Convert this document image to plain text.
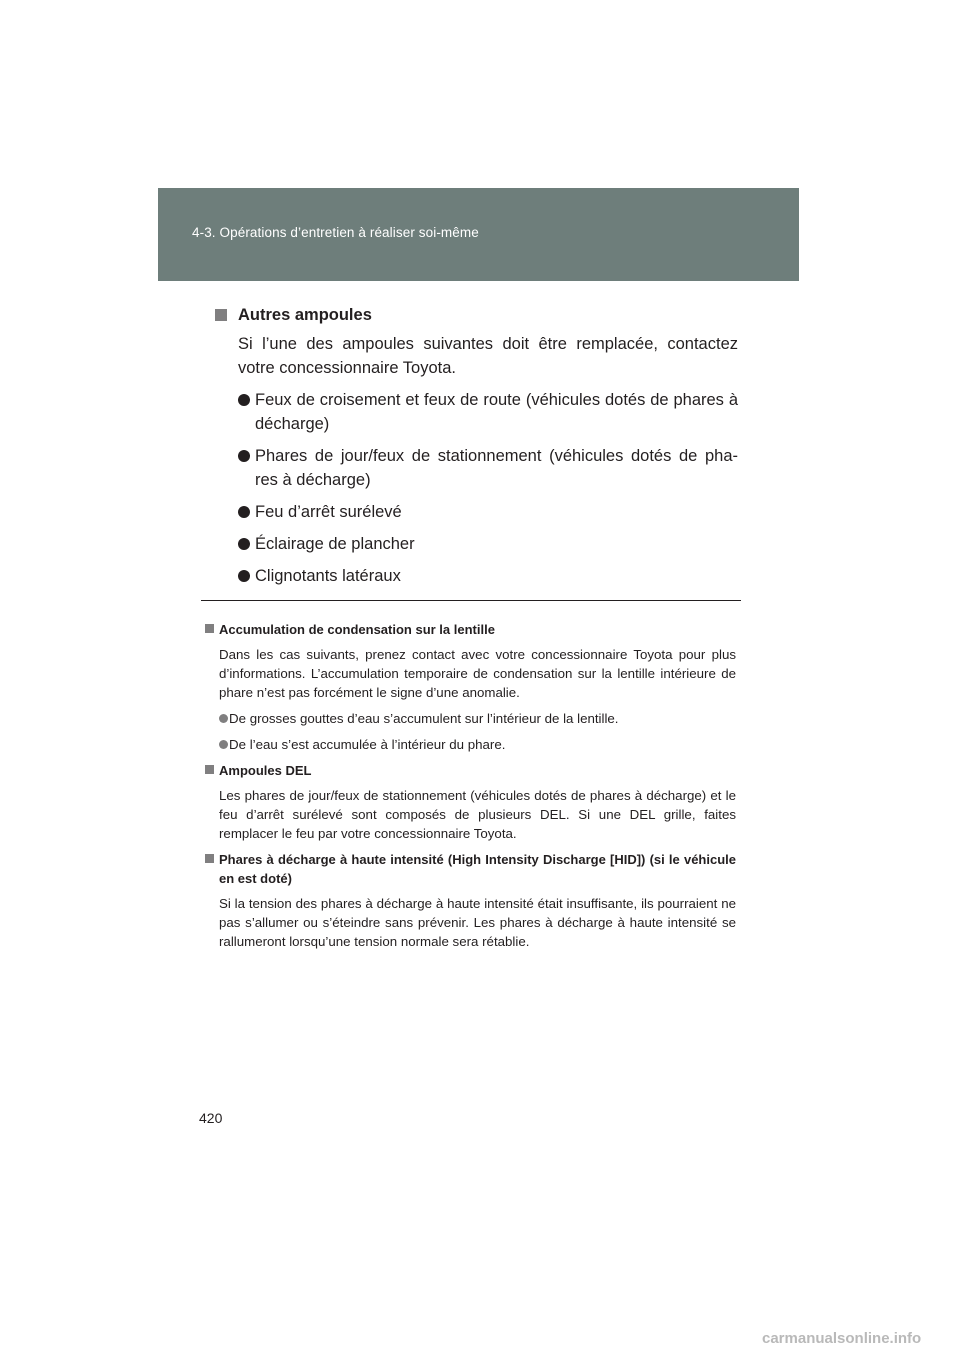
4-3. Opérations d’entretien à réaliser soi-même
Autres ampoules
Si l’une des ampoules suivantes doit être remplacée, contactez votre concessionnaire Toyota.
Feux de croisement et feux de route (véhicules dotés de phares à décharge)
Phares de jour/feux de stationnement (véhicules dotés de pha- res à décharge)
Feu d’arrêt surélevé
Éclairage de plancher
Clignotants latéraux
Accumulation de condensation sur la lentille
Dans les cas suivants, prenez contact avec votre concessionnaire Toyota pour plus d’informations. L’accumulation temporaire de condensation sur la lentille intérieure de phare n’est pas forcément le signe d’une anomalie.
De grosses gouttes d’eau s’accumulent sur l’intérieur de la lentille.
De l’eau s’est accumulée à l’intérieur du phare.
Ampoules DEL
Les phares de jour/feux de stationnement (véhicules dotés de phares à décharge) et le feu d’arrêt surélevé sont composés de plusieurs DEL. Si une DEL grille, faites remplacer le feu par votre concessionnaire Toyota.
Phares à décharge à haute intensité (High Intensity Discharge [HID]) (si le véhicule en est doté)
Si la tension des phares à décharge à haute intensité était insuffisante, ils pourraient ne pas s’allumer ou s’éteindre sans prévenir. Les phares à décharge à haute intensité se rallumeront lorsqu’une tension normale sera rétablie.
420
carmanualsonline.info
